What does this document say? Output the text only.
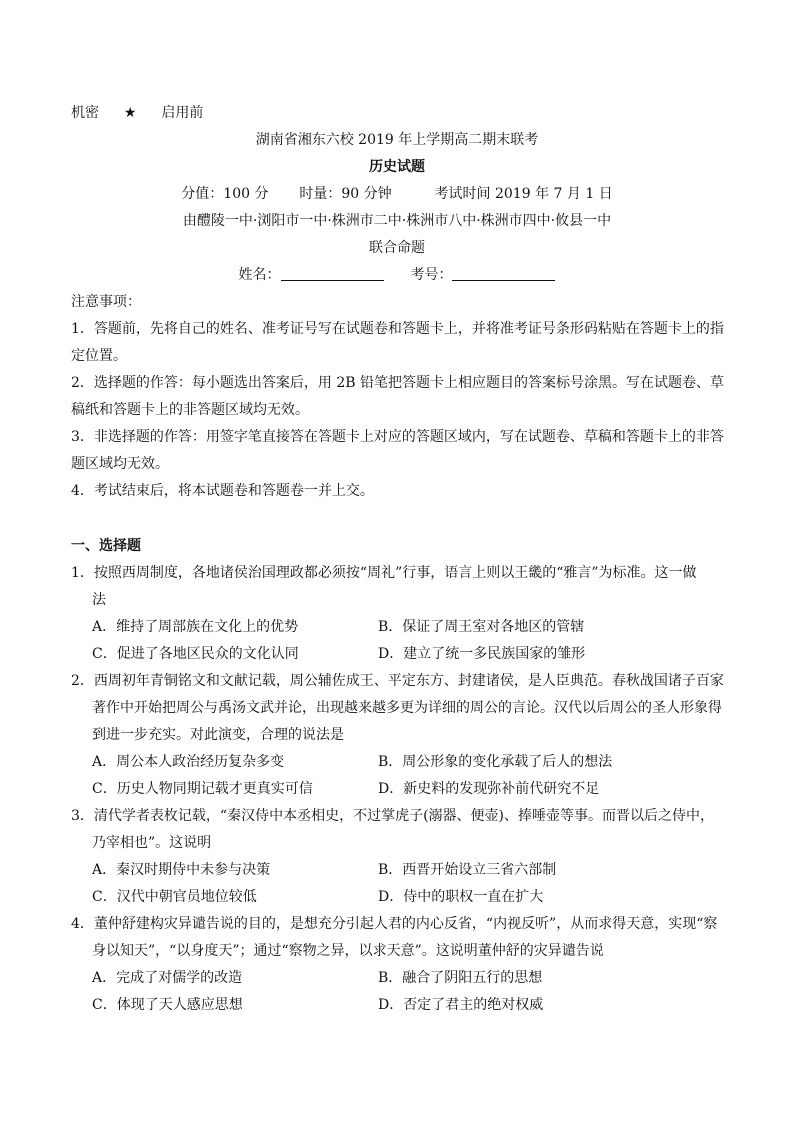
机密 ★ 启用前
湖南省湘东六校 2019 年上学期高二期末联考
历史试题
分值：100 分 时量：90 分钟	考试时间 2019 年 7 月 1 日
由醴陵一中·浏阳市一中·株洲市二中·株洲市八中·株洲市四中·攸县一中
联合命题
姓名：	考号：
注意事项：
1．答题前，先将自己的姓名、准考证号写在试题卷和答题卡上，并将准考证号条形码粘贴在答题卡上的指
定位置。
2．选择题的作答：每小题选出答案后，用 2B 铅笔把答题卡上相应题目的答案标号涂黑。写在试题卷、草
稿纸和答题卡上的非答题区域均无效。
3．非选择题的作答：用签字笔直接答在答题卡上对应的答题区域内，写在试题卷、草稿和答题卡上的非答
题区域均无效。
4．考试结束后，将本试题卷和答题卷一并上交。
一、选择题
1．按照西周制度，各地诸侯治国理政都必须按“周礼”行事，语言上则以王畿的“雅言”为标准。这一做
法
A．维持了周部族在文化上的优势	B．保证了周王室对各地区的管辖
C．促进了各地区民众的文化认同	D．建立了统一多民族国家的雏形
2．西周初年青铜铭文和文献记载，周公辅佐成王、平定东方、封建诸侯，是人臣典范。春秋战国诸子百家
著作中开始把周公与禹汤文武并论，出现越来越多更为详细的周公的言论。汉代以后周公的圣人形象得
到进一步充实。对此演变，合理的说法是
A．周公本人政治经历复杂多变	B．周公形象的变化承载了后人的想法
C．历史人物同期记载才更真实可信	D．新史料的发现弥补前代研究不足
3．清代学者表枚记载，“秦汉侍中本丞相史，不过掌虎子(溺器、便壶)、捧唾壶等事。而晋以后之侍中，
乃宰相也”。这说明
A．秦汉时期侍中未参与决策	B．西晋开始设立三省六部制
C．汉代中朝官员地位较低	D．侍中的职权一直在扩大
4．董仲舒建构灾异谴告说的目的，是想充分引起人君的内心反省，“内视反听”，从而求得天意，实现“察
身以知天”，“以身度天”；通过“察物之异，以求天意”。这说明董仲舒的灾异谴告说
A．完成了对儒学的改造	B．融合了阴阳五行的思想
C．体现了天人感应思想	D．否定了君主的绝对权威
